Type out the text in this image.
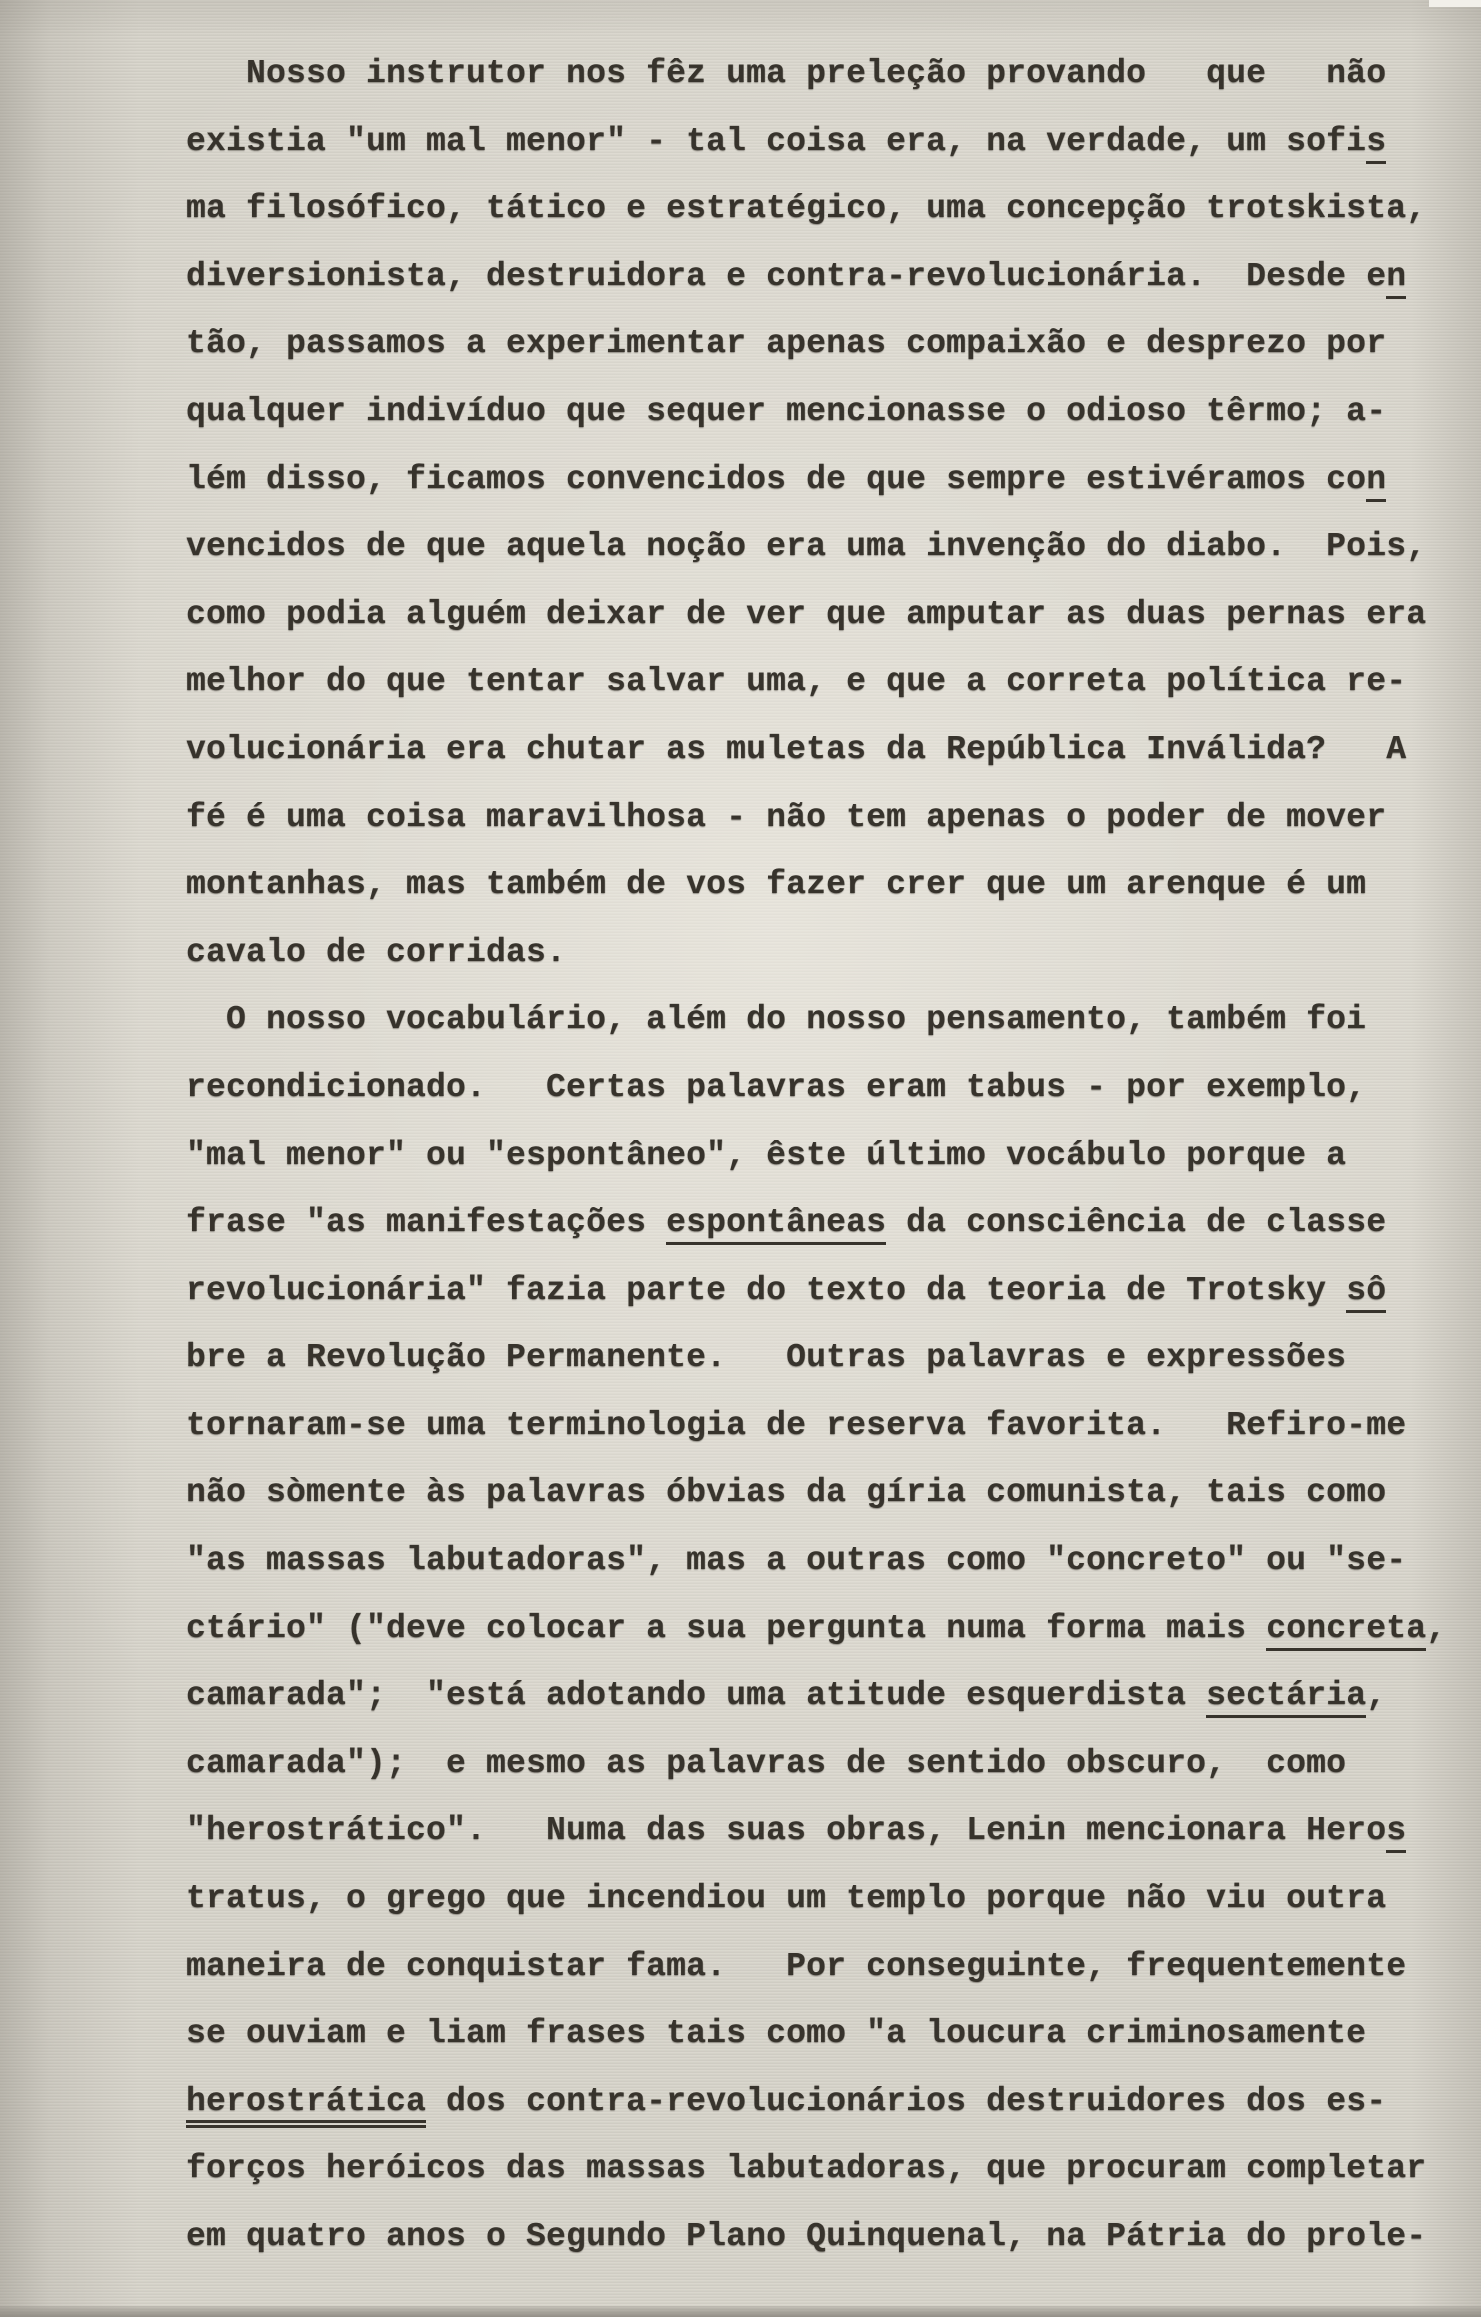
Nosso instrutor nos fêz uma preleção provando   que   não
existia "um mal menor" - tal coisa era, na verdade, um sofis
ma filosófico, tático e estratégico, uma concepção trotskista,
diversionista, destruidora e contra-revolucionária.  Desde en
tão, passamos a experimentar apenas compaixão e desprezo por
qualquer indivíduo que sequer mencionasse o odioso têrmo; a-
lém disso, ficamos convencidos de que sempre estivéramos con
vencidos de que aquela noção era uma invenção do diabo.  Pois,
como podia alguém deixar de ver que amputar as duas pernas era
melhor do que tentar salvar uma, e que a correta política re-
volucionária era chutar as muletas da República Inválida?   A
fé é uma coisa maravilhosa - não tem apenas o poder de mover
montanhas, mas também de vos fazer crer que um arenque é um
cavalo de corridas.
O nosso vocabulário, além do nosso pensamento, também foi
recondicionado.   Certas palavras eram tabus - por exemplo,
"mal menor" ou "espontâneo", êste último vocábulo porque a
frase "as manifestações espontâneas da consciência de classe
revolucionária" fazia parte do texto da teoria de Trotsky sô
bre a Revolução Permanente.   Outras palavras e expressões
tornaram-se uma terminologia de reserva favorita.   Refiro-me
não sòmente às palavras óbvias da gíria comunista, tais como
"as massas labutadoras", mas a outras como "concreto" ou "se-
ctário" ("deve colocar a sua pergunta numa forma mais concreta,
camarada";  "está adotando uma atitude esquerdista sectária,
camarada");  e mesmo as palavras de sentido obscuro,  como
"herostrático".   Numa das suas obras, Lenin mencionara Heros
tratus, o grego que incendiou um templo porque não viu outra
maneira de conquistar fama.   Por conseguinte, frequentemente
se ouviam e liam frases tais como "a loucura criminosamente
herostrática dos contra-revolucionários destruidores dos es-
forços heróicos das massas labutadoras, que procuram completar
em quatro anos o Segundo Plano Quinquenal, na Pátria do prole-
